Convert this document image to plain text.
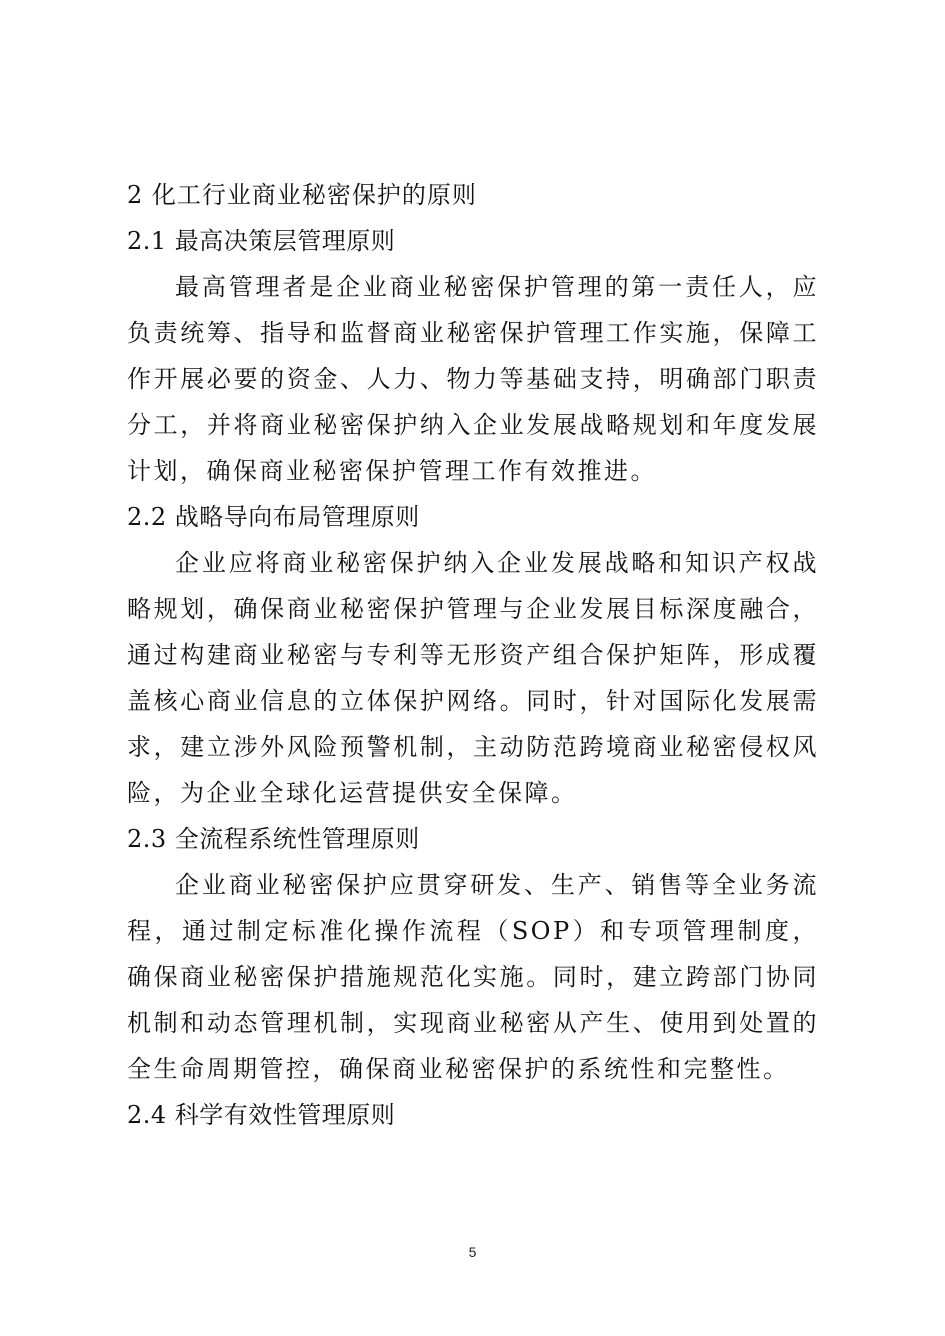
2 化工行业商业秘密保护的原则
2.1 最高决策层管理原则

最高管理者是企业商业秘密保护管理的第一责任人，应负责统筹、指导和监督商业秘密保护管理工作实施，保障工作开展必要的资金、人力、物力等基础支持，明确部门职责分工，并将商业秘密保护纳入企业发展战略规划和年度发展计划，确保商业秘密保护管理工作有效推进。

2.2 战略导向布局管理原则

企业应将商业秘密保护纳入企业发展战略和知识产权战略规划，确保商业秘密保护管理与企业发展目标深度融合，通过构建商业秘密与专利等无形资产组合保护矩阵，形成覆盖核心商业信息的立体保护网络。同时，针对国际化发展需求，建立涉外风险预警机制，主动防范跨境商业秘密侵权风险，为企业全球化运营提供安全保障。

2.3 全流程系统性管理原则

企业商业秘密保护应贯穿研发、生产、销售等全业务流程，通过制定标准化操作流程（SOP）和专项管理制度，确保商业秘密保护措施规范化实施。同时，建立跨部门协同机制和动态管理机制，实现商业秘密从产生、使用到处置的全生命周期管控，确保商业秘密保护的系统性和完整性。

2.4 科学有效性管理原则
5
